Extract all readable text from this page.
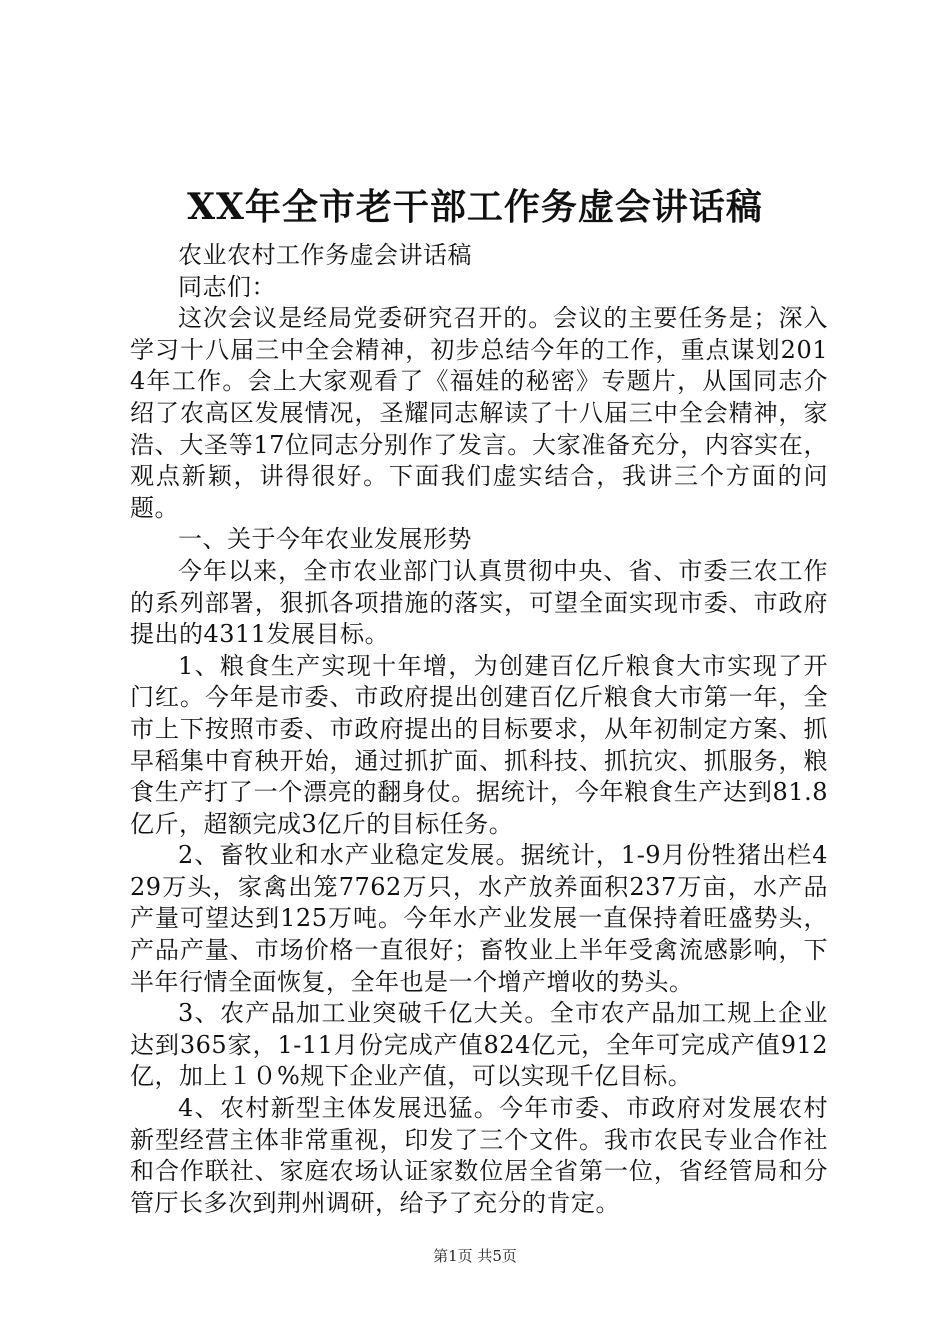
XX年全市老干部工作务虚会讲话稿

农业农村工作务虚会讲话稿

同志们：

这次会议是经局党委研究召开的。会议的主要任务是；深入学习十八届三中全会精神，初步总结今年的工作，重点谋划2014年工作。会上大家观看了《福娃的秘密》专题片，从国同志介绍了农高区发展情况，圣耀同志解读了十八届三中全会精神，家浩、大圣等17位同志分别作了发言。大家准备充分，内容实在，观点新颖，讲得很好。下面我们虚实结合，我讲三个方面的问题。

一、关于今年农业发展形势

今年以来，全市农业部门认真贯彻中央、省、市委三农工作的系列部署，狠抓各项措施的落实，可望全面实现市委、市政府提出的4311发展目标。

1、粮食生产实现十年增，为创建百亿斤粮食大市实现了开门红。今年是市委、市政府提出创建百亿斤粮食大市第一年，全市上下按照市委、市政府提出的目标要求，从年初制定方案、抓早稻集中育秧开始，通过抓扩面、抓科技、抓抗灾、抓服务，粮食生产打了一个漂亮的翻身仗。据统计，今年粮食生产达到81.8亿斤，超额完成3亿斤的目标任务。

2、畜牧业和水产业稳定发展。据统计，1-9月份牲猪出栏429万头，家禽出笼7762万只，水产放养面积237万亩，水产品产量可望达到125万吨。今年水产业发展一直保持着旺盛势头，产品产量、市场价格一直很好；畜牧业上半年受禽流感影响，下半年行情全面恢复，全年也是一个增产增收的势头。

3、农产品加工业突破千亿大关。全市农产品加工规上企业达到365家，1-11月份完成产值824亿元，全年可完成产值912亿，加上１０%规下企业产值，可以实现千亿目标。

4、农村新型主体发展迅猛。今年市委、市政府对发展农村新型经营主体非常重视，印发了三个文件。我市农民专业合作社和合作联社、家庭农场认证家数位居全省第一位，省经管局和分管厅长多次到荆州调研，给予了充分的肯定。

第1页 共5页
